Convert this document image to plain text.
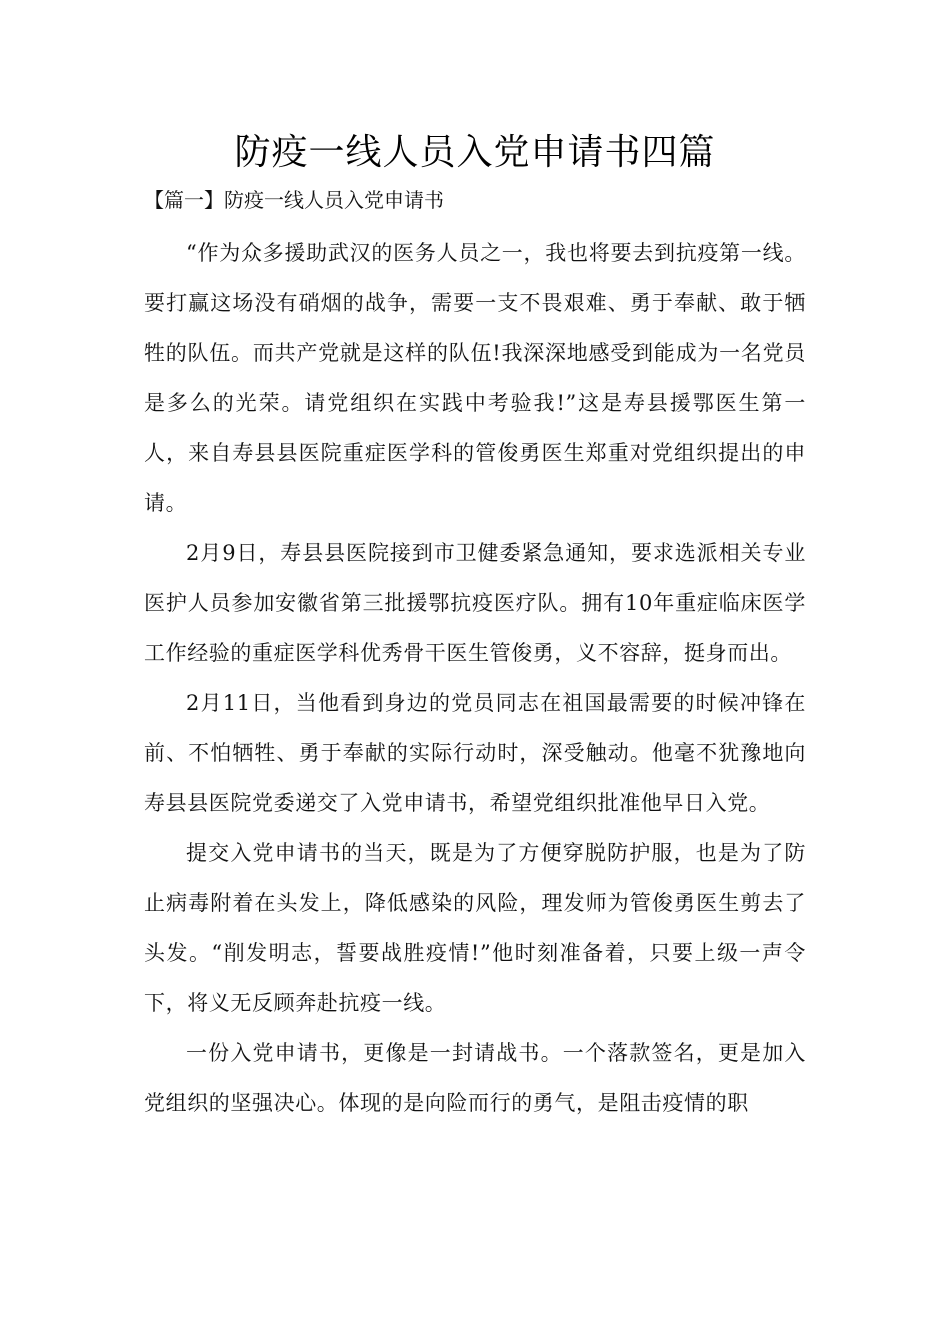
防疫一线人员入党申请书四篇

【篇一】防疫一线人员入党申请书

“作为众多援助武汉的医务人员之一，我也将要去到抗疫第一线。要打赢这场没有硝烟的战争，需要一支不畏艰难、勇于奉献、敢于牺牲的队伍。而共产党就是这样的队伍!我深深地感受到能成为一名党员是多么的光荣。请党组织在实践中考验我!”这是寿县援鄂医生第一人，来自寿县县医院重症医学科的管俊勇医生郑重对党组织提出的申请。

2月9日，寿县县医院接到市卫健委紧急通知，要求选派相关专业医护人员参加安徽省第三批援鄂抗疫医疗队。拥有10年重症临床医学工作经验的重症医学科优秀骨干医生管俊勇，义不容辞，挺身而出。

2月11日，当他看到身边的党员同志在祖国最需要的时候冲锋在前、不怕牺牲、勇于奉献的实际行动时，深受触动。他毫不犹豫地向寿县县医院党委递交了入党申请书，希望党组织批准他早日入党。

提交入党申请书的当天，既是为了方便穿脱防护服，也是为了防止病毒附着在头发上，降低感染的风险，理发师为管俊勇医生剪去了头发。“削发明志，誓要战胜疫情!”他时刻准备着，只要上级一声令下，将义无反顾奔赴抗疫一线。

一份入党申请书，更像是一封请战书。一个落款签名，更是加入党组织的坚强决心。体现的是向险而行的勇气，是阻击疫情的职
